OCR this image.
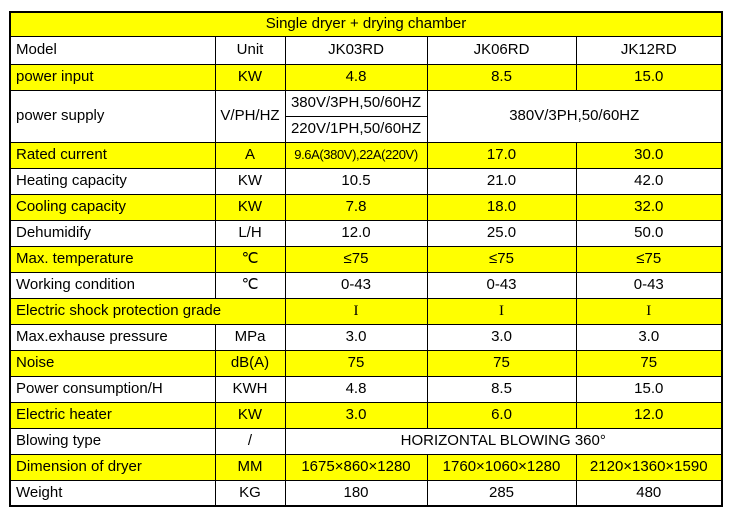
Single dryer + drying chamber				
Model	Unit	JK03RD	JK06RD	JK12RD
power input	KW	4.8	8.5	15.0
power supply	V/PH/HZ	380V/3PH,50/60HZ	380V/3PH,50/60HZ	
		220V/1PH,50/60HZ		
Rated current	A	9.6A(380V),22A(220V)	17.0	30.0
Heating capacity	KW	10.5	21.0	42.0
Cooling capacity	KW	7.8	18.0	32.0
Dehumidify	L/H	12.0	25.0	50.0
Max. temperature	℃	≤75	≤75	≤75
Working condition	℃	0-43	0-43	0-43
Electric shock protection grade		I	I	I
Max.exhause pressure	MPa	3.0	3.0	3.0
Noise	dB(A)	75	75	75
Power consumption/H	KWH	4.8	8.5	15.0
Electric heater	KW	3.0	6.0	12.0
Blowing type	/	HORIZONTAL BLOWING 360°		
Dimension of dryer	MM	1675×860×1280	1760×1060×1280	2120×1360×1590
Weight	KG	180	285	480
